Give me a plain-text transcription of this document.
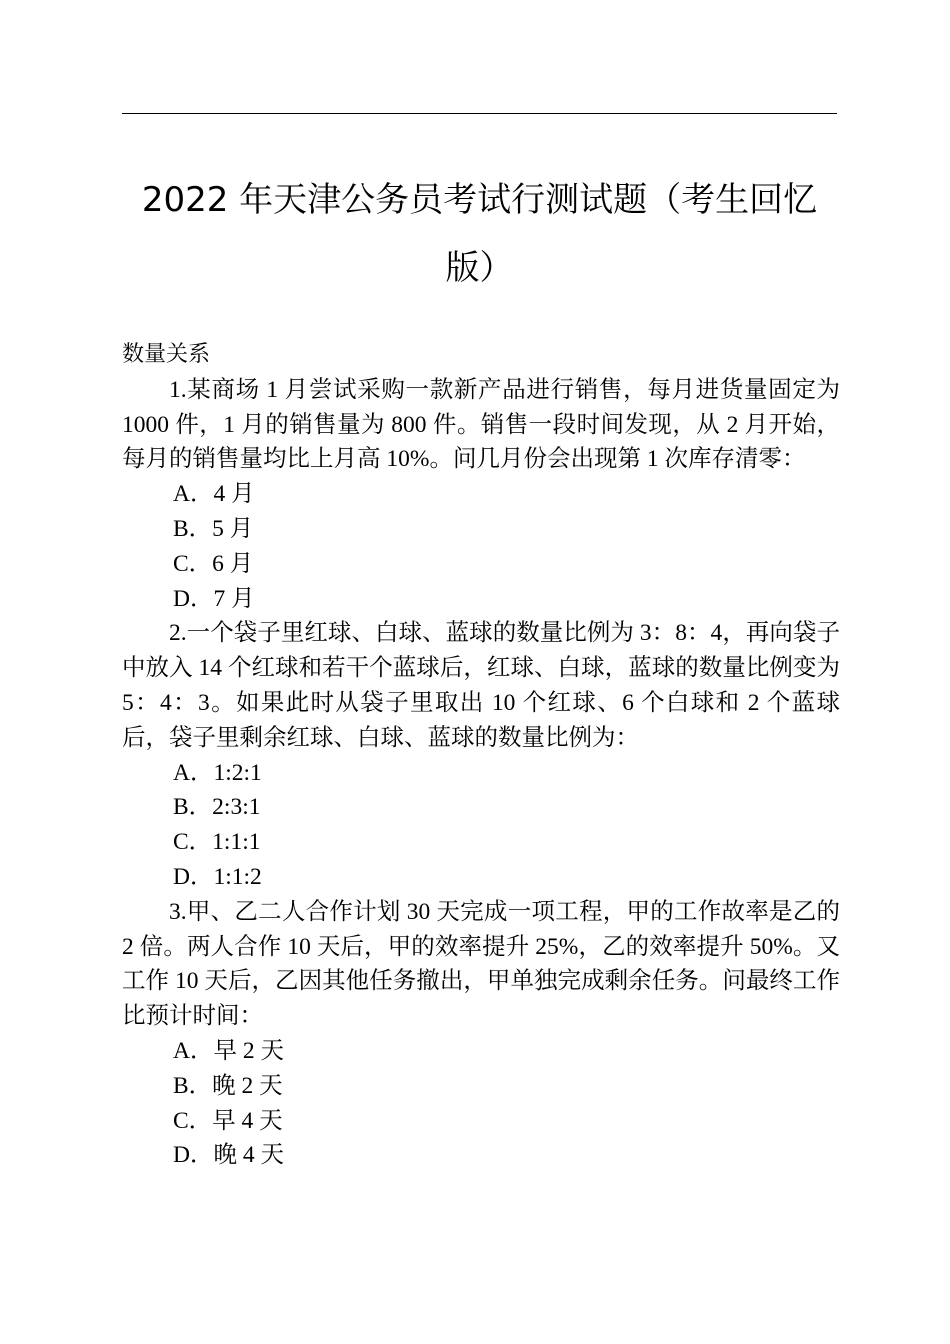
2022 年天津公务员考试行测试题（考生回忆
版）

数量关系

1.某商场 1 月尝试采购一款新产品进行销售，每月进货量固定为 1000 件，1 月的销售量为 800 件。销售一段时间发现，从 2 月开始，每月的销售量均比上月高 10%。问几月份会出现第 1 次库存清零：

A．4 月

B．5 月

C．6 月

D．7 月

2.一个袋子里红球、白球、蓝球的数量比例为 3：8：4，再向袋子中放入 14 个红球和若干个蓝球后，红球、白球，蓝球的数量比例变为 5：4：3。如果此时从袋子里取出 10 个红球、6 个白球和 2 个蓝球后，袋子里剩余红球、白球、蓝球的数量比例为：

A．1:2:1

B．2:3:1

C．1:1:1

D．1:1:2

3.甲、乙二人合作计划 30 天完成一项工程，甲的工作故率是乙的 2 倍。两人合作 10 天后，甲的效率提升 25%，乙的效率提升 50%。又工作 10 天后，乙因其他任务撤出，甲单独完成剩余任务。问最终工作比预计时间：

A．早 2 天

B．晚 2 天

C．早 4 天

D．晚 4 天
